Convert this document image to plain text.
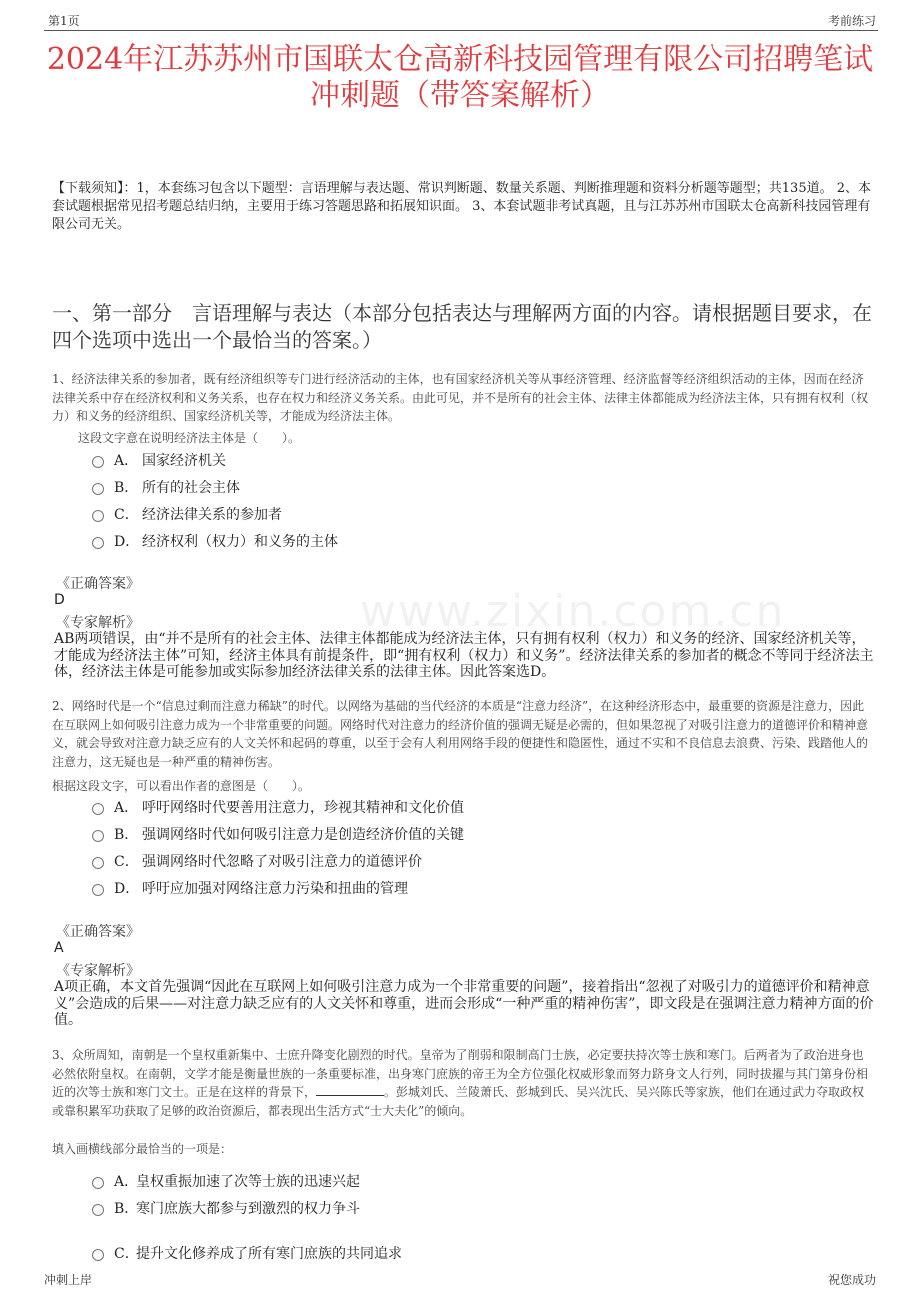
第1页	考前练习
2024年江苏苏州市国联太仓高新科技园管理有限公司招聘笔试冲刺题（带答案解析）
【下载须知】：1，本套练习包含以下题型：言语理解与表达题、常识判断题、数量关系题、判断推理题和资料分析题等题型；共135道。 2、本套试题根据常见招考题总结归纳，主要用于练习答题思路和拓展知识面。 3、本套试题非考试真题，且与江苏苏州市国联太仓高新科技园管理有限公司无关。
一、第一部分　言语理解与表达（本部分包括表达与理解两方面的内容。请根据题目要求，在四个选项中选出一个最恰当的答案。）
www.zixin.com.cn
1、经济法律关系的参加者，既有经济组织等专门进行经济活动的主体，也有国家经济机关等从事经济管理、经济监督等经济组织活动的主体，因而在经济法律关系中存在经济权利和义务关系，也存在权力和经济义务关系。由此可见，并不是所有的社会主体、法律主体都能成为经济法主体，只有拥有权利（权力）和义务的经济组织、国家经济机关等，才能成为经济法主体。
这段文字意在说明经济法主体是（　　）。
A． 国家经济机关
B． 所有的社会主体
C． 经济法律关系的参加者
D． 经济权利（权力）和义务的主体
《正确答案》
D
《专家解析》
AB两项错误，由“并不是所有的社会主体、法律主体都能成为经济法主体，只有拥有权利（权力）和义务的经济、国家经济机关等，才能成为经济法主体”可知，经济主体具有前提条件，即“拥有权利（权力）和义务”。经济法律关系的参加者的概念不等同于经济法主体，经济法主体是可能参加或实际参加经济法律关系的法律主体。因此答案选D。
2、网络时代是一个“信息过剩而注意力稀缺”的时代。以网络为基础的当代经济的本质是“注意力经济”，在这种经济形态中，最重要的资源是注意力，因此在互联网上如何吸引注意力成为一个非常重要的问题。网络时代对注意力的经济价值的强调无疑是必需的，但如果忽视了对吸引注意力的道德评价和精神意义，就会导致对注意力缺乏应有的人文关怀和起码的尊重，以至于会有人利用网络手段的便捷性和隐匿性，通过不实和不良信息去浪费、污染、践踏他人的注意力，这无疑也是一种严重的精神伤害。
根据这段文字，可以看出作者的意图是（　　）。
A． 呼吁网络时代要善用注意力，珍视其精神和文化价值
B． 强调网络时代如何吸引注意力是创造经济价值的关键
C． 强调网络时代忽略了对吸引注意力的道德评价
D． 呼吁应加强对网络注意力污染和扭曲的管理
《正确答案》
A
《专家解析》
A项正确，本文首先强调“因此在互联网上如何吸引注意力成为一个非常重要的问题”，接着指出“忽视了对吸引力的道德评价和精神意义”会造成的后果——对注意力缺乏应有的人文关怀和尊重，进而会形成“一种严重的精神伤害”，即文段是在强调注意力精神方面的价值。
3、众所周知，南朝是一个皇权重新集中、士庶升降变化剧烈的时代。皇帝为了削弱和限制高门士族，必定要扶持次等士族和寒门。后两者为了政治进身也必然依附皇权。在南朝，文学才能是衡量世族的一条重要标准，出身寒门庶族的帝王为全方位强化权威形象而努力跻身文人行列，同时拔擢与其门第身份相近的次等士族和寒门文士。正是在这样的背景下，	。彭城刘氏、兰陵萧氏、彭城到氏、吴兴沈氏、吴兴陈氏等家族，他们在通过武力夺取政权或靠积累军功获取了足够的政治资源后，都表现出生活方式“士大夫化”的倾向。
填入画横线部分最恰当的一项是：
A．
皇权重振加速了次等士族的迅速兴起
B．
寒门庶族大都参与到激烈的权力争斗
C．
提升文化修养成了所有寒门庶族的共同追求
冲刺上岸	祝您成功
